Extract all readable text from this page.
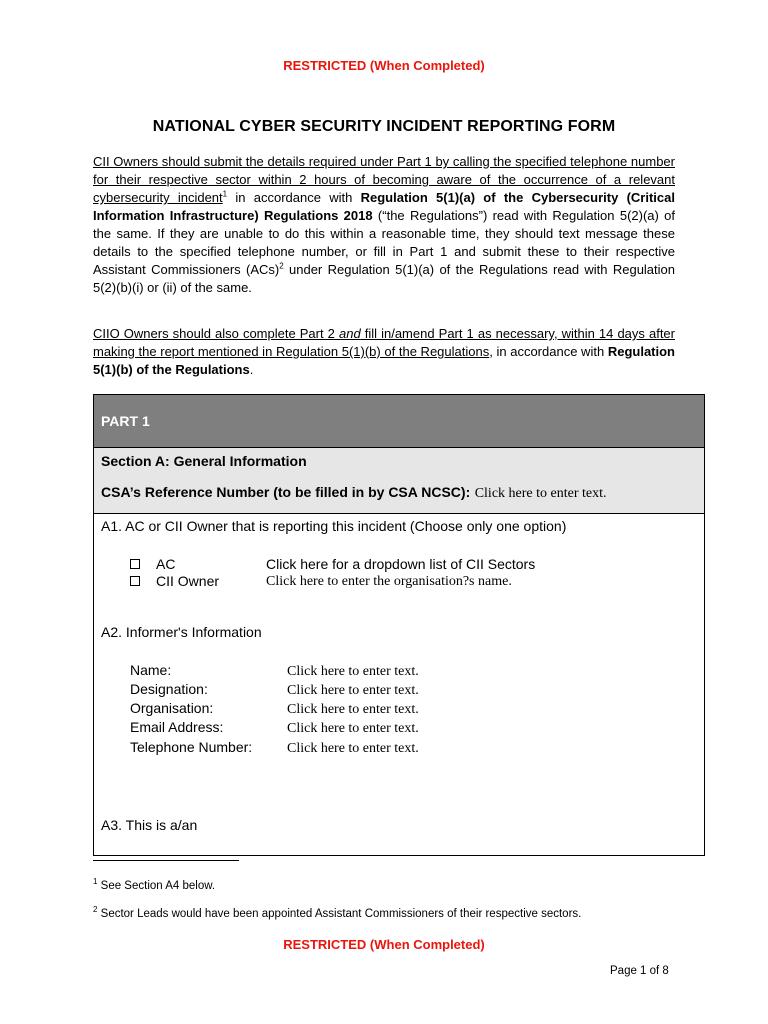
RESTRICTED (When Completed)
NATIONAL CYBER SECURITY INCIDENT REPORTING FORM
CII Owners should submit the details required under Part 1 by calling the specified telephone number for their respective sector within 2 hours of becoming aware of the occurrence of a relevant cybersecurity incident$^1$ in accordance with Regulation 5(1)(a) of the Cybersecurity (Critical Information Infrastructure) Regulations 2018 (“the Regulations”) read with Regulation 5(2)(a) of the same. If they are unable to do this within a reasonable time, they should text message these details to the specified telephone number, or fill in Part 1 and submit these to their respective Assistant Commissioners (ACs)$^2$ under Regulation 5(1)(a) of the Regulations read with Regulation 5(2)(b)(i) or (ii) of the same.
CIIO Owners should also complete Part 2 and fill in/amend Part 1 as necessary, within 14 days after making the report mentioned in Regulation 5(1)(b) of the Regulations, in accordance with Regulation 5(1)(b) of the Regulations.
PART 1
Section A: General Information
CSA’s Reference Number (to be filled in by CSA NCSC): Click here to enter text.
A1. AC or CII Owner that is reporting this incident (Choose only one option)
AC	Click here for a dropdown list of CII Sectors
CII Owner	Click here to enter the organisation?s name.
A2. Informer's Information
Name:	Click here to enter text.
Designation:	Click here to enter text.
Organisation:	Click here to enter text.
Email Address:	Click here to enter text.
Telephone Number: Click here to enter text.
A3. This is a/an
$^1$ See Section A4 below.
$^2$ Sector Leads would have been appointed Assistant Commissioners of their respective sectors.
RESTRICTED (When Completed)
Page 1 of 8
